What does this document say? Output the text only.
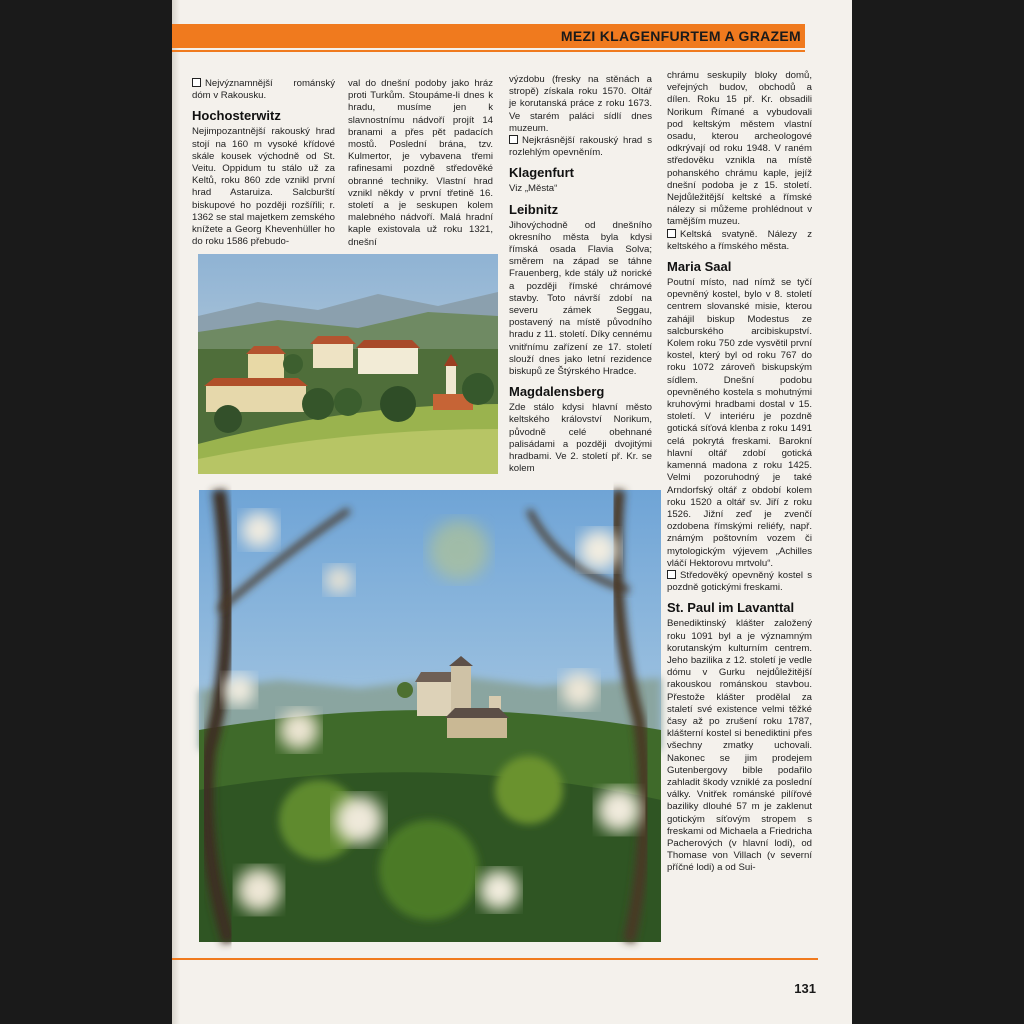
MEZI KLAGENFURTEM A GRAZEM

Nejvýznamnější románský dóm v Rakousku.

Hochosterwitz

Nejimpozantnější rakouský hrad stojí na 160 m vysoké křídové skále kousek východně od St. Veitu. Oppidum tu stálo už za Keltů, roku 860 zde vznikl první hrad Astaruiza. Salcburští biskupové ho později rozšířili; r. 1362 se stal majetkem zemského knížete a Georg Khevenhüller ho do roku 1586 přebudo-

val do dnešní podoby jako hráz proti Turkům. Stoupáme-li dnes k hradu, musíme jen k slavnostnímu nádvoří projít 14 branami a přes pět padacích mostů. Poslední brána, tzv. Kulmertor, je vybavena třemi rafinesami pozdně středověké obranné techniky. Vlastní hrad vznikl někdy v první třetině 16. století a je seskupen kolem malebného nádvoří. Malá hradní kaple existovala už roku 1321, dnešní

výzdobu (fresky na stěnách a stropě) získala roku 1570. Oltář je korutanská práce z roku 1673. Ve starém paláci sídlí dnes muzeum.

Nejkrásnější rakouský hrad s rozlehlým opevněním.

Klagenfurt

Viz „Města“

Leibnitz

Jihovýchodně od dnešního okresního města byla kdysi římská osada Flavia Solva; směrem na západ se táhne Frauenberg, kde stály už norické a později římské chrámové stavby. Toto návrší zdobí na severu zámek Seggau, postavený na místě původního hradu z 11. století. Díky cennému vnitřnímu zařízení ze 17. století slouží dnes jako letní rezidence biskupů ze Štýrského Hradce.

Magdalensberg

Zde stálo kdysi hlavní město keltského království Norikum, původně celé obehnané palisádami a později dvojitými hradbami. Ve 2. století př. Kr. se kolem

chrámu seskupily bloky domů, veřejných budov, obchodů a dílen. Roku 15 př. Kr. obsadili Norikum Římané a vybudovali pod keltským městem vlastní osadu, kterou archeologové odkrývají od roku 1948. V raném středověku vznikla na místě pohanského chrámu kaple, jejíž dnešní podoba je z 15. století. Nejdůležitější keltské a římské nálezy si můžeme prohlédnout v tamějším muzeu.

Keltská svatyně. Nálezy z keltského a římského města.

Maria Saal

Poutní místo, nad nímž se tyčí opevněný kostel, bylo v 8. století centrem slovanské misie, kterou zahájil biskup Modestus ze salcburského arcibiskupství. Kolem roku 750 zde vysvětil první kostel, který byl od roku 767 do roku 1072 zároveň biskupským sídlem. Dnešní podobu opevněného kostela s mohutnými kruhovými hradbami dostal v 15. století. V interiéru je pozdně gotická síťová klenba z roku 1491 celá pokrytá freskami. Barokní hlavní oltář zdobí gotická kamenná madona z roku 1425. Velmi pozoruhodný je také Arndorfský oltář z období kolem roku 1520 a oltář sv. Jiří z roku 1526. Jižní zeď je zvenčí ozdobena římskými reliéfy, např. známým poštovním vozem či mytologickým výjevem „Achilles vláčí Hektorovu mrtvolu“.

Středověký opevněný kostel s pozdně gotickými freskami.

St. Paul im Lavanttal

Benediktinský klášter založený roku 1091 byl a je významným korutanským kulturním centrem. Jeho bazilika z 12. století je vedle dómu v Gurku nejdůležitější rakouskou románskou stavbou. Přestože klášter prodělal za staletí své existence velmi těžké časy až po zrušení roku 1787, klášterní kostel si benediktini přes všechny zmatky uchovali. Nakonec se jim prodejem Gutenbergovy bible podařilo zahladit škody vzniklé za poslední války. Vnitřek románské pilířové baziliky dlouhé 57 m je zaklenut gotickým síťovým stropem s freskami od Michaela a Friedricha Pacherových (v hlavní lodi), od Thomase von Villach (v severní příčné lodi) a od Sui-

131
